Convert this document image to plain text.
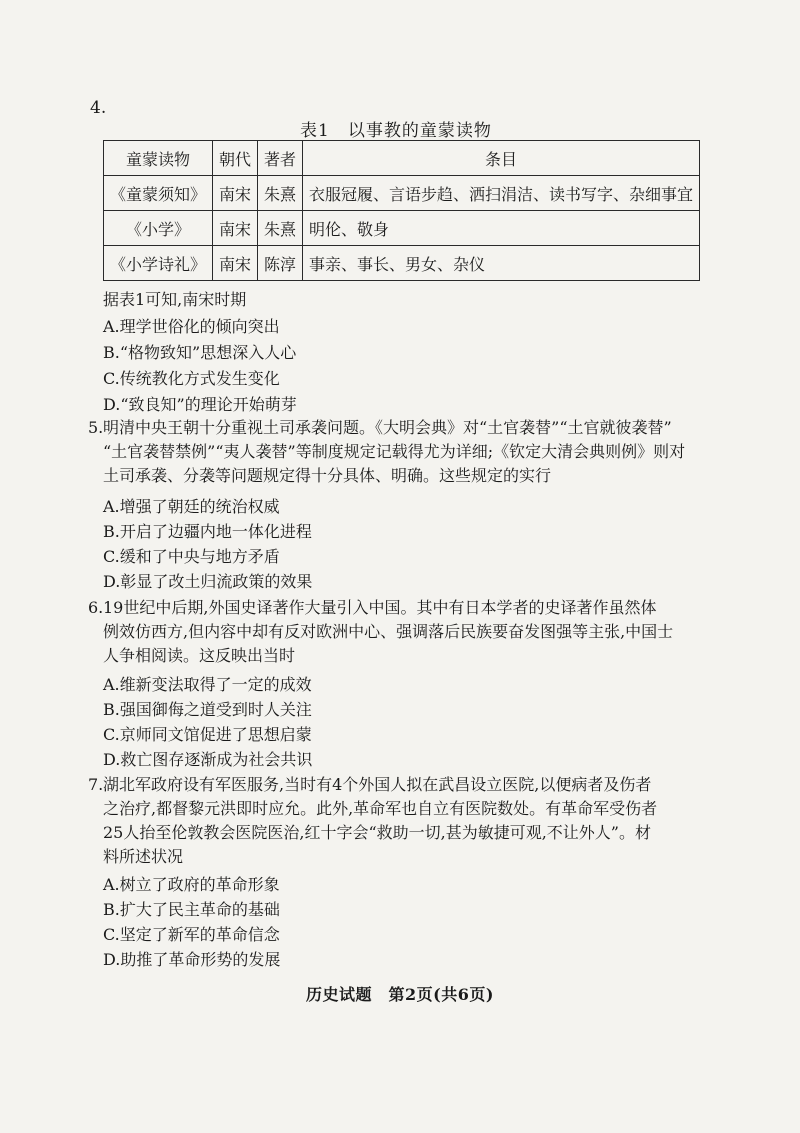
4.
表1　以事教的童蒙读物
童蒙读物	朝代	著者	条目
《童蒙须知》	南宋	朱熹	衣服冠履、言语步趋、洒扫涓洁、读书写字、杂细事宜
《小学》	南宋	朱熹	明伦、敬身
《小学诗礼》	南宋	陈淳	事亲、事长、男女、杂仪
据表1可知,南宋时期
A.理学世俗化的倾向突出
B.“格物致知”思想深入人心
C.传统教化方式发生变化
D.“致良知”的理论开始萌芽
5. 明清中央王朝十分重视土司承袭问题。《大明会典》对“土官袭替”“土官就彼袭替”
“土官袭替禁例”“夷人袭替”等制度规定记载得尤为详细;《钦定大清会典则例》则对
土司承袭、分袭等问题规定得十分具体、明确。这些规定的实行
A.增强了朝廷的统治权威
B.开启了边疆内地一体化进程
C.缓和了中央与地方矛盾
D.彰显了改土归流政策的效果
6. 19世纪中后期,外国史译著作大量引入中国。其中有日本学者的史译著作虽然体
例效仿西方,但内容中却有反对欧洲中心、强调落后民族要奋发图强等主张,中国士
人争相阅读。这反映出当时
A.维新变法取得了一定的成效
B.强国御侮之道受到时人关注
C.京师同文馆促进了思想启蒙
D.救亡图存逐渐成为社会共识
7. 湖北军政府设有军医服务,当时有4个外国人拟在武昌设立医院,以便病者及伤者
之治疗,都督黎元洪即时应允。此外,革命军也自立有医院数处。有革命军受伤者
25人抬至伦敦教会医院医治,红十字会“救助一切,甚为敏捷可观,不让外人”。材
料所述状况
A.树立了政府的革命形象
B.扩大了民主革命的基础
C.坚定了新军的革命信念
D.助推了革命形势的发展
历史试题　第2页(共6页)
